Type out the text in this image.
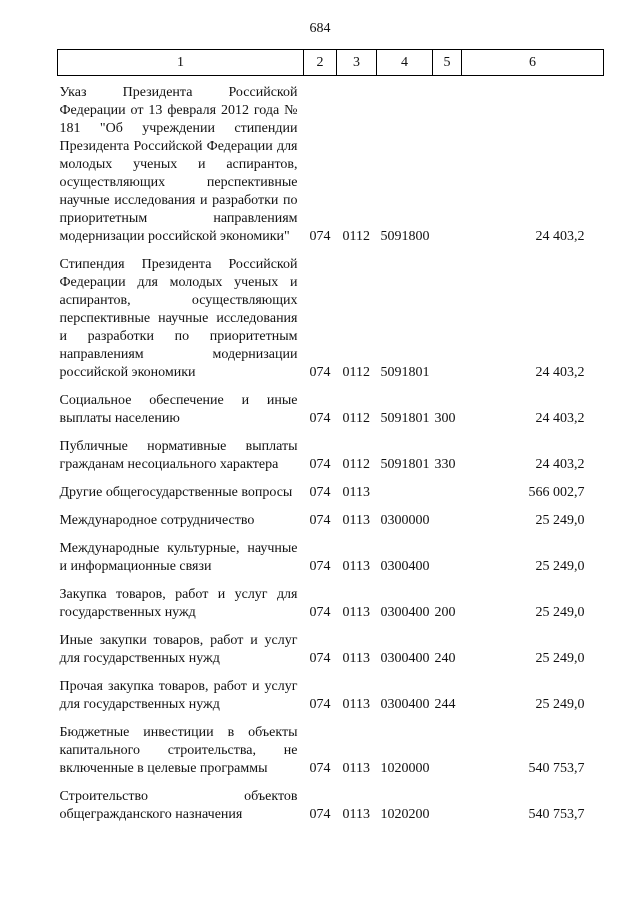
684
1	2	3	4	5	6
Указ Президента Российской Федерации от 13 февраля 2012 года № 181 "Об учреждении стипендии Президента Российской Федерации для молодых ученых и аспирантов, осуществляющих перспективные научные исследования и разработки по приоритетным направлениям модернизации российской экономики"	074	0112	5091800		24 403,2
Стипендия Президента Российской Федерации для молодых ученых и аспирантов, осуществляющих перспективные научные исследования и разработки по приоритетным направлениям модернизации российской экономики	074	0112	5091801		24 403,2
Социальное обеспечение и иные выплаты населению	074	0112	5091801	300	24 403,2
Публичные нормативные выплаты гражданам несоциального характера	074	0112	5091801	330	24 403,2
Другие общегосударственные вопросы	074	0113			566 002,7
Международное сотрудничество	074	0113	0300000		25 249,0
Международные культурные, научные и информационные связи	074	0113	0300400		25 249,0
Закупка товаров, работ и услуг для государственных нужд	074	0113	0300400	200	25 249,0
Иные закупки товаров, работ и услуг для государственных нужд	074	0113	0300400	240	25 249,0
Прочая закупка товаров, работ и услуг для государственных нужд	074	0113	0300400	244	25 249,0
Бюджетные инвестиции в объекты капитального строительства, не включенные в целевые программы	074	0113	1020000		540 753,7
Строительство объектов общегражданского назначения	074	0113	1020200		540 753,7
